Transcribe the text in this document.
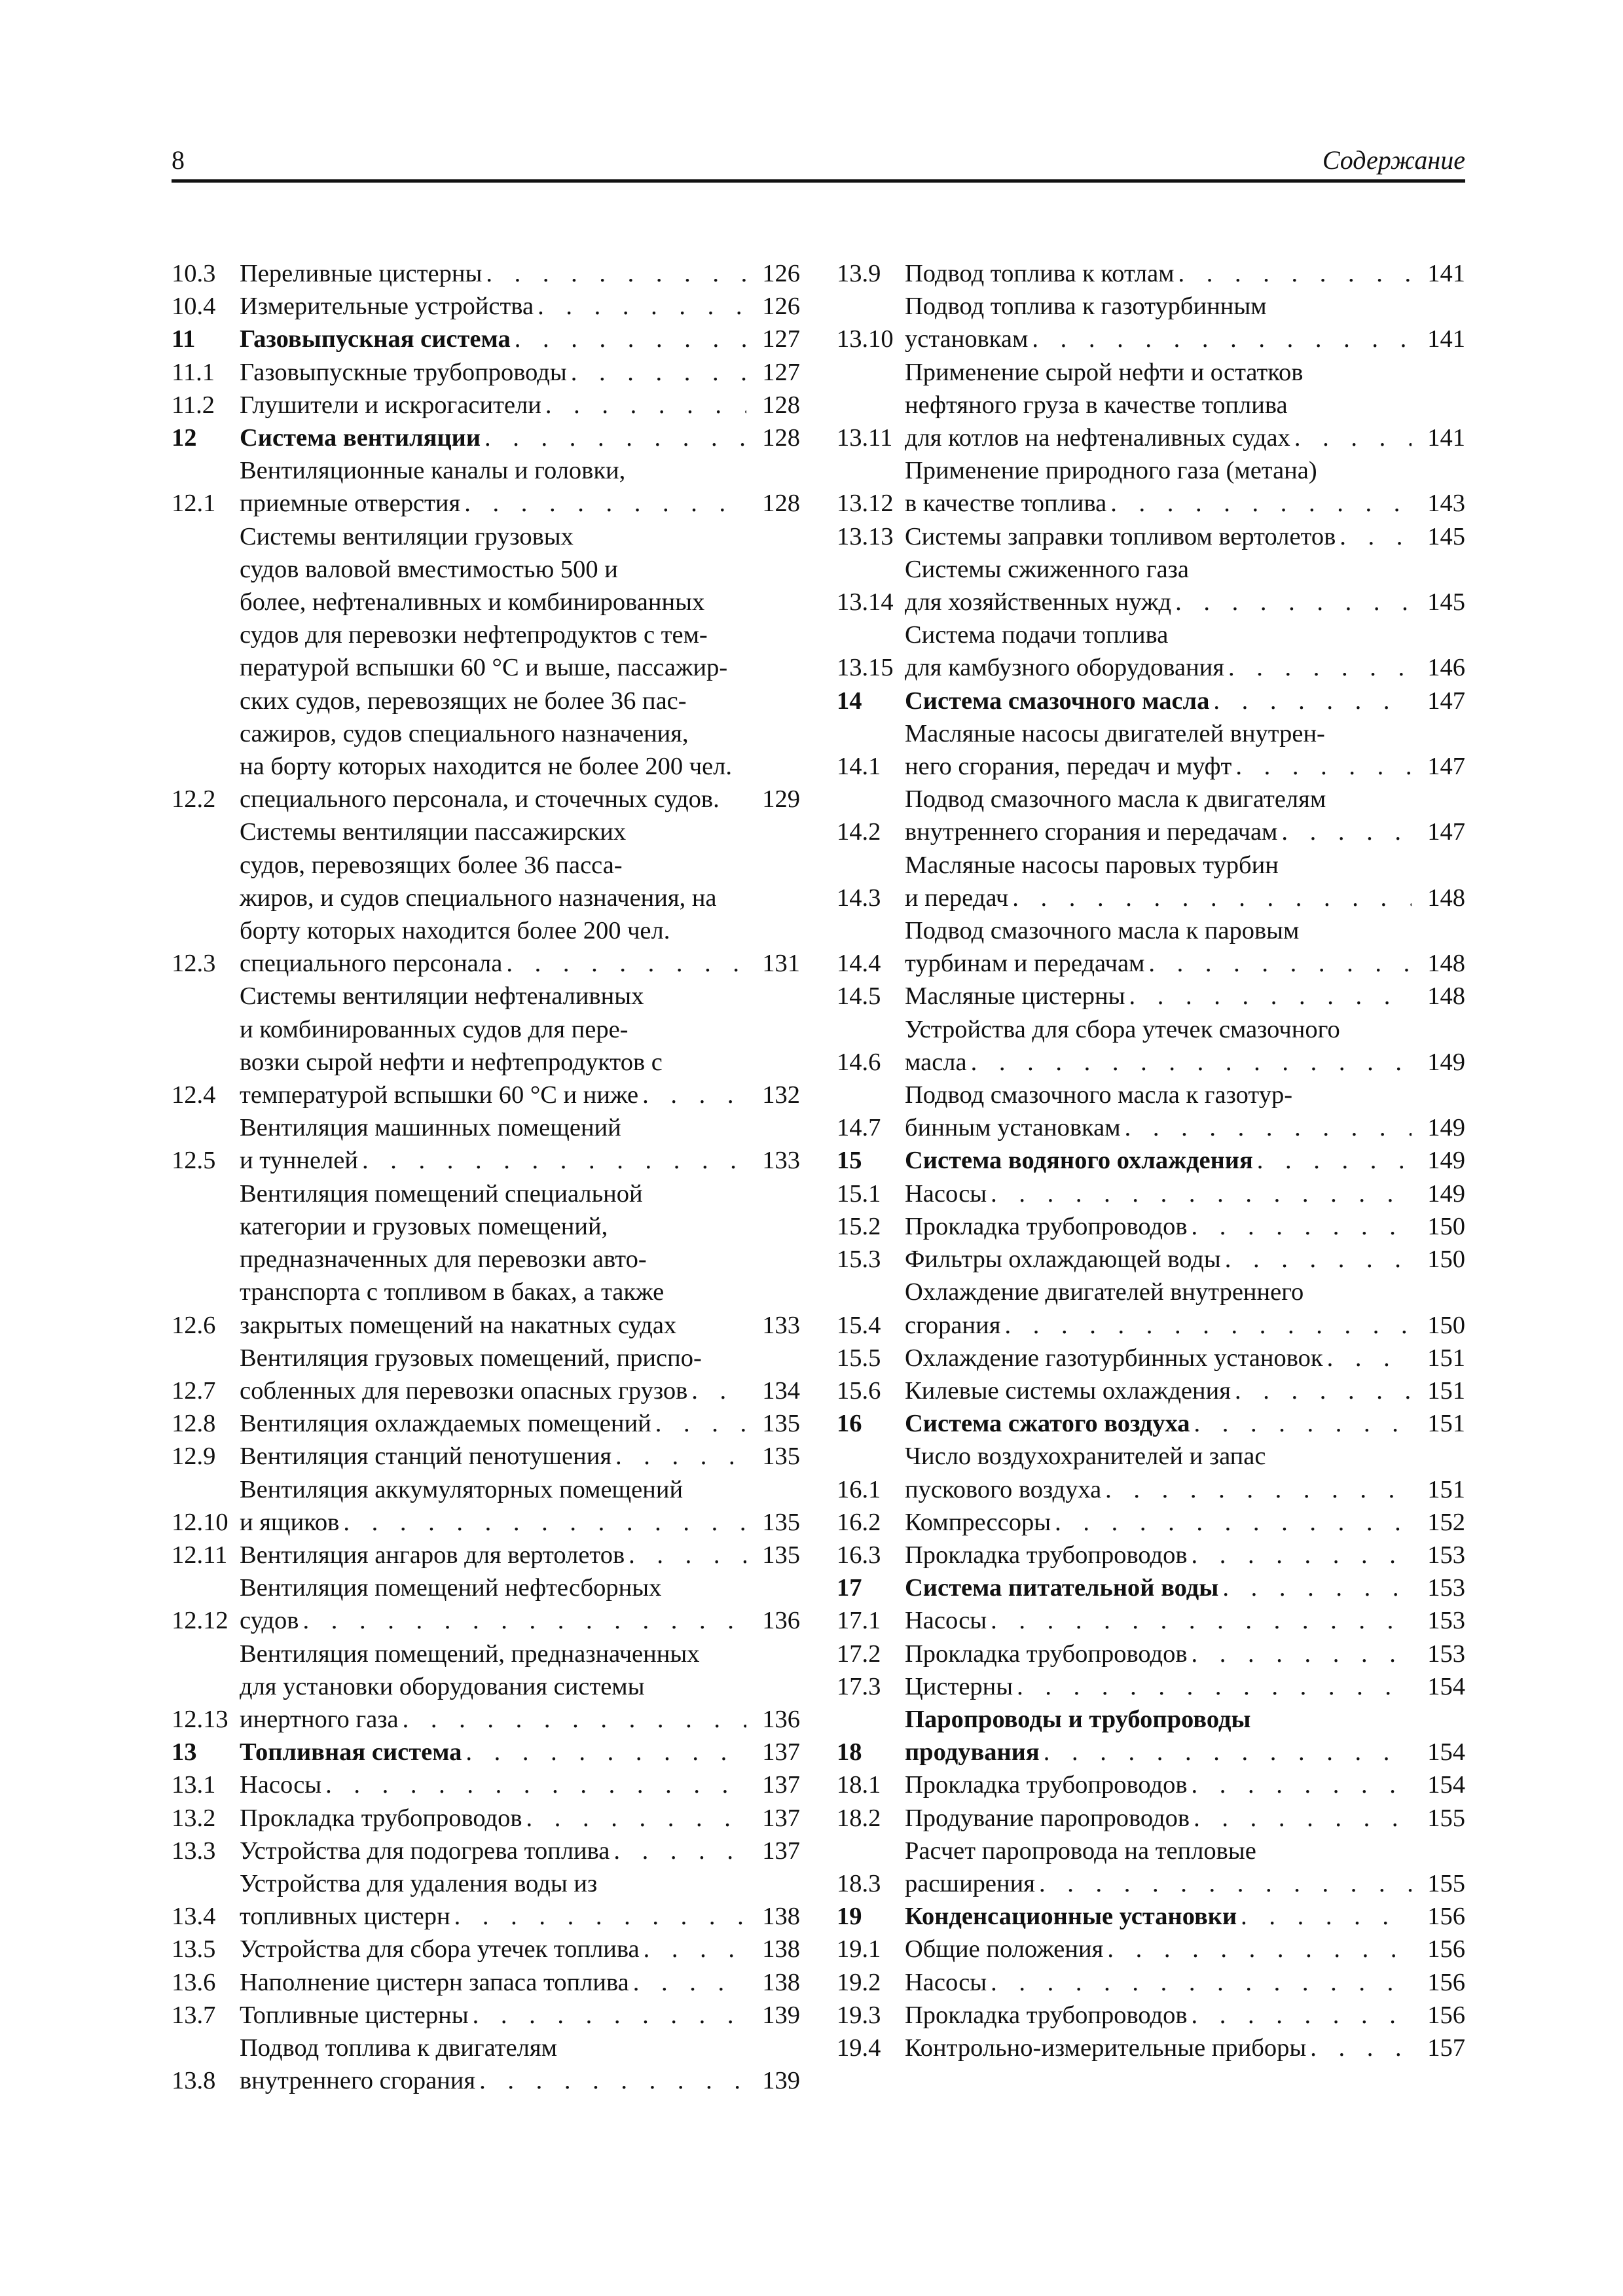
8	Содержание
10.3 Переливные цистерны . . .	126
10.4 Измерительные устройства . . .	126
11	Газовыпускная система . . .	127
11.1 Газовыпускные трубопроводы . . .	127
11.2 Глушители и искрогасители . . .	128
12	Система вентиляции . . .	128
12.1
Вентиляционные каналы и головки,
приемные отверстия . . .	128
12.2
Системы вентиляции грузовых
судов валовой вместимостью 500 и
более, нефтеналивных и комбинированных
судов для перевозки нефтепродуктов с тем-
пературой вспышки 60 °C и выше, пассажир-
ских судов, перевозящих не более 36 пас-
сажиров, судов специального назначения,
на борту которых находится не более 200 чел.
специального персонала, и сточечных судов.	129
12.3
Системы вентиляции пассажирских
судов, перевозящих более 36 пасса-
жиров, и судов специального назначения, на
борту которых находится более 200 чел.
специального персонала . . .	131
12.4
Системы вентиляции нефтеналивных
и комбинированных судов для пере-
возки сырой нефти и нефтепродуктов с
температурой вспышки 60 °C и ниже . . .	132
12.5
Вентиляция машинных помещений
и туннелей . . .	133
12.6
Вентиляция помещений специальной
категории и грузовых помещений,
предназначенных для перевозки авто-
транспорта с топливом в баках, а также
закрытых помещений на накатных судах	133
12.7
Вентиляция грузовых помещений, приспо-
собленных для перевозки опасных грузов . . .	134
12.8 Вентиляция охлаждаемых помещений . . .	135
12.9 Вентиляция станций пенотушения . . .	135
12.10
Вентиляция аккумуляторных помещений
и ящиков . . .	135
12.11 Вентиляция ангаров для вертолетов . . .	135
12.12
Вентиляция помещений нефтесборных
судов . . .	136
12.13
Вентиляция помещений, предназначенных
для установки оборудования системы
инертного газа . . .	136
13	Топливная система . . .	137
13.1 Насосы . . .	137
13.2 Прокладка трубопроводов . . .	137
13.3 Устройства для подогрева топлива . . .	137
13.4
Устройства для удаления воды из
топливных цистерн . . .	138
13.5 Устройства для сбора утечек топлива . . .	138
13.6 Наполнение цистерн запаса топлива . . .	138
13.7 Топливные цистерны . . .	139
13.8
Подвод топлива к двигателям
внутреннего сгорания . . .	139
13.9 Подвод топлива к котлам . . .	141
13.10
Подвод топлива к газотурбинным
установкам . . .	141
13.11
Применение сырой нефти и остатков
нефтяного груза в качестве топлива
для котлов на нефтеналивных судах . . .	141
13.12
Применение природного газа (метана)
в качестве топлива . . .	143
13.13 Системы заправки топливом вертолетов . . .	145
13.14
Системы сжиженного газа
для хозяйственных нужд . . .	145
13.15
Система подачи топлива
для камбузного оборудования . . .	146
14	Система смазочного масла . . .	147
14.1
Масляные насосы двигателей внутрен-
него сгорания, передач и муфт . . .	147
14.2
Подвод смазочного масла к двигателям
внутреннего сгорания и передачам . . .	147
14.3
Масляные насосы паровых турбин
и передач . . .	148
14.4
Подвод смазочного масла к паровым
турбинам и передачам . . .	148
14.5 Масляные цистерны . . .	148
14.6
Устройства для сбора утечек смазочного
масла . . .	149
14.7
Подвод смазочного масла к газотур-
бинным установкам . . .	149
15	Система водяного охлаждения . . .	149
15.1 Насосы . . .	149
15.2 Прокладка трубопроводов . . .	150
15.3 Фильтры охлаждающей воды . . .	150
15.4
Охлаждение двигателей внутреннего
сгорания . . .	150
15.5 Охлаждение газотурбинных установок . . .	151
15.6 Килевые системы охлаждения . . .	151
16	Система сжатого воздуха . . .	151
16.1
Число воздухохранителей и запас
пускового воздуха . . .	151
16.2 Компрессоры . . .	152
16.3 Прокладка трубопроводов . . .	153
17	Система питательной воды . . .	153
17.1 Насосы . . .	153
17.2 Прокладка трубопроводов . . .	153
17.3 Цистерны . . .	154
18
Паропроводы и трубопроводы
продувания . . .	154
18.1 Прокладка трубопроводов . . .	154
18.2 Продувание паропроводов . . .	155
18.3
Расчет паропровода на тепловые
расширения . . .	155
19	Конденсационные установки . . .	156
19.1 Общие положения . . .	156
19.2 Насосы . . .	156
19.3 Прокладка трубопроводов . . .	156
19.4 Контрольно-измерительные приборы . . .	157
